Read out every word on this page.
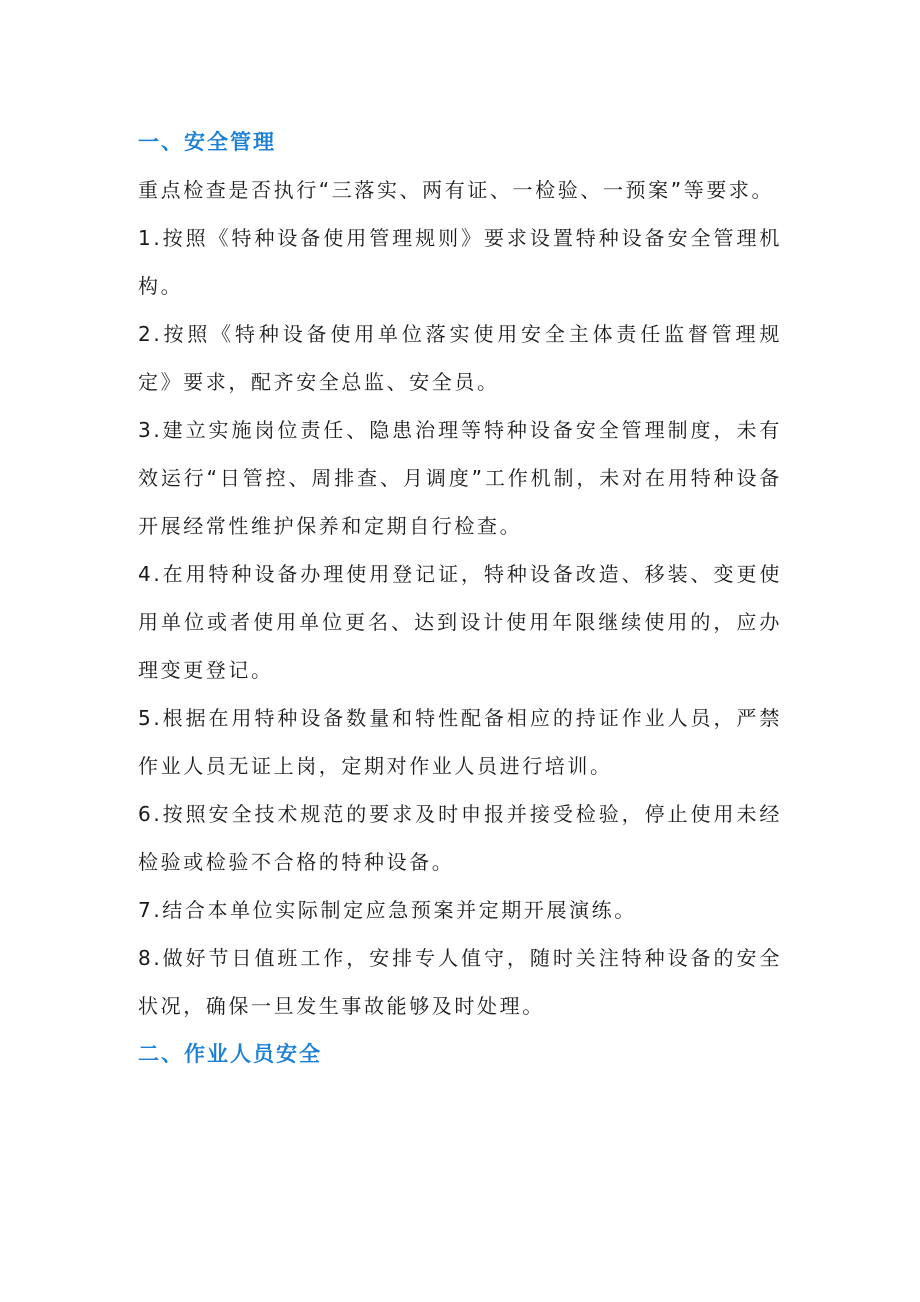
一、安全管理
重点检查是否执行“三落实、两有证、一检验、一预案”等要求。
1.按照《特种设备使用管理规则》要求设置特种设备安全管理机构。
2.按照《特种设备使用单位落实使用安全主体责任监督管理规定》要求，配齐安全总监、安全员。
3.建立实施岗位责任、隐患治理等特种设备安全管理制度，未有效运行“日管控、周排查、月调度”工作机制，未对在用特种设备开展经常性维护保养和定期自行检查。
4.在用特种设备办理使用登记证，特种设备改造、移装、变更使用单位或者使用单位更名、达到设计使用年限继续使用的，应办理变更登记。
5.根据在用特种设备数量和特性配备相应的持证作业人员，严禁作业人员无证上岗，定期对作业人员进行培训。
6.按照安全技术规范的要求及时申报并接受检验，停止使用未经检验或检验不合格的特种设备。
7.结合本单位实际制定应急预案并定期开展演练。
8.做好节日值班工作，安排专人值守，随时关注特种设备的安全状况，确保一旦发生事故能够及时处理。
二、作业人员安全
